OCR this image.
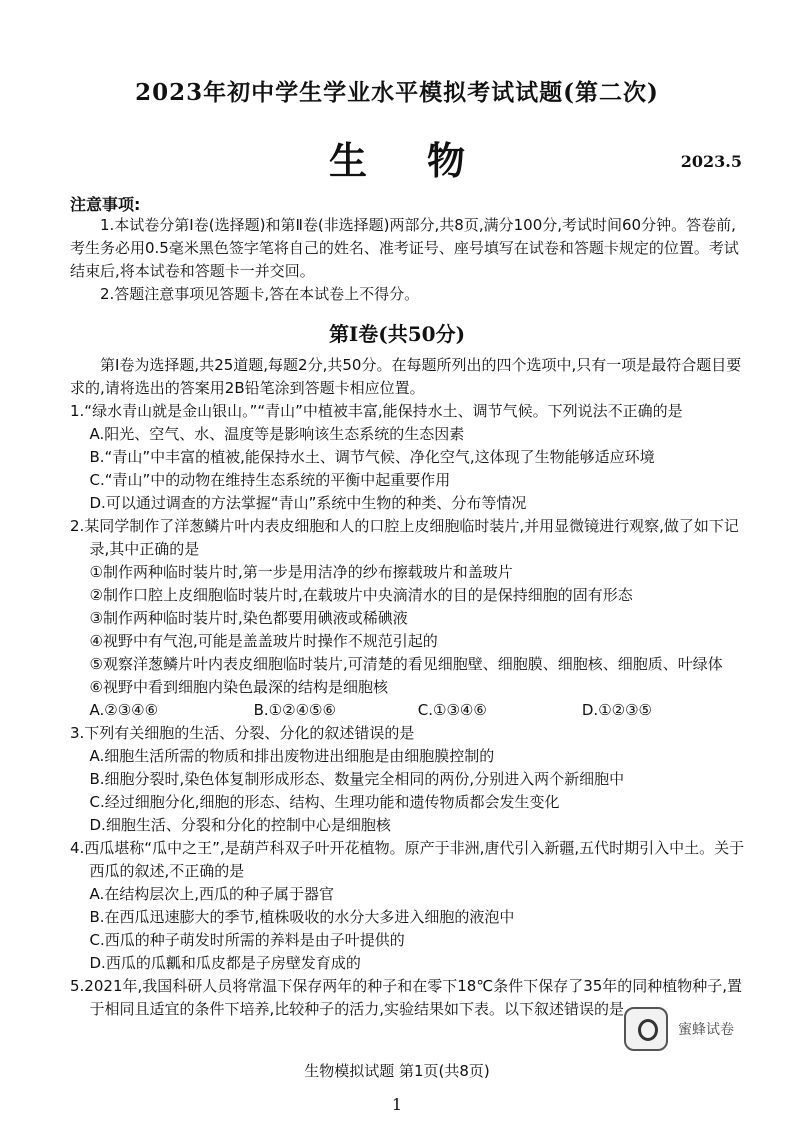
2023年初中学生学业水平模拟考试试题(第二次)
生 物	2023.5
注意事项:

1.本试卷分第Ⅰ卷(选择题)和第Ⅱ卷(非选择题)两部分,共8页,满分100分,考试时间60分钟。答卷前,考生务必用0.5毫米黑色签字笔将自己的姓名、准考证号、座号填写在试卷和答题卡规定的位置。考试结束后,将本试卷和答题卡一并交回。

2.答题注意事项见答题卡,答在本试卷上不得分。

第Ⅰ卷(共50分)

第Ⅰ卷为选择题,共25道题,每题2分,共50分。在每题所列出的四个选项中,只有一项是最符合题目要求的,请将选出的答案用2B铅笔涂到答题卡相应位置。

1.“绿水青山就是金山银山。”“青山”中植被丰富,能保持水土、调节气候。下列说法不正确的是

A.阳光、空气、水、温度等是影响该生态系统的生态因素

B.“青山”中丰富的植被,能保持水土、调节气候、净化空气,这体现了生物能够适应环境

C.“青山”中的动物在维持生态系统的平衡中起重要作用

D.可以通过调查的方法掌握“青山”系统中生物的种类、分布等情况

2.某同学制作了洋葱鳞片叶内表皮细胞和人的口腔上皮细胞临时装片,并用显微镜进行观察,做了如下记录,其中正确的是

①制作两种临时装片时,第一步是用洁净的纱布擦载玻片和盖玻片

②制作口腔上皮细胞临时装片时,在载玻片中央滴清水的目的是保持细胞的固有形态

③制作两种临时装片时,染色都要用碘液或稀碘液

④视野中有气泡,可能是盖盖玻片时操作不规范引起的

⑤观察洋葱鳞片叶内表皮细胞临时装片,可清楚的看见细胞壁、细胞膜、细胞核、细胞质、叶绿体

⑥视野中看到细胞内染色最深的结构是细胞核

A.②③④⑥	B.①②④⑤⑥	C.①③④⑥	D.①②③⑤

3.下列有关细胞的生活、分裂、分化的叙述错误的是

A.细胞生活所需的物质和排出废物进出细胞是由细胞膜控制的

B.细胞分裂时,染色体复制形成形态、数量完全相同的两份,分别进入两个新细胞中

C.经过细胞分化,细胞的形态、结构、生理功能和遗传物质都会发生变化

D.细胞生活、分裂和分化的控制中心是细胞核

4.西瓜堪称“瓜中之王”,是葫芦科双子叶开花植物。原产于非洲,唐代引入新疆,五代时期引入中土。关于西瓜的叙述,不正确的是

A.在结构层次上,西瓜的种子属于器官

B.在西瓜迅速膨大的季节,植株吸收的水分大多进入细胞的液泡中

C.西瓜的种子萌发时所需的养料是由子叶提供的

D.西瓜的瓜瓤和瓜皮都是子房壁发育成的

5.2021年,我国科研人员将常温下保存两年的种子和在零下18℃条件下保存了35年的同种植物种子,置于相同且适宜的条件下培养,比较种子的活力,实验结果如下表。以下叙述错误的是

蜜蜂试卷
生物模拟试题 第1页(共8页)
1
